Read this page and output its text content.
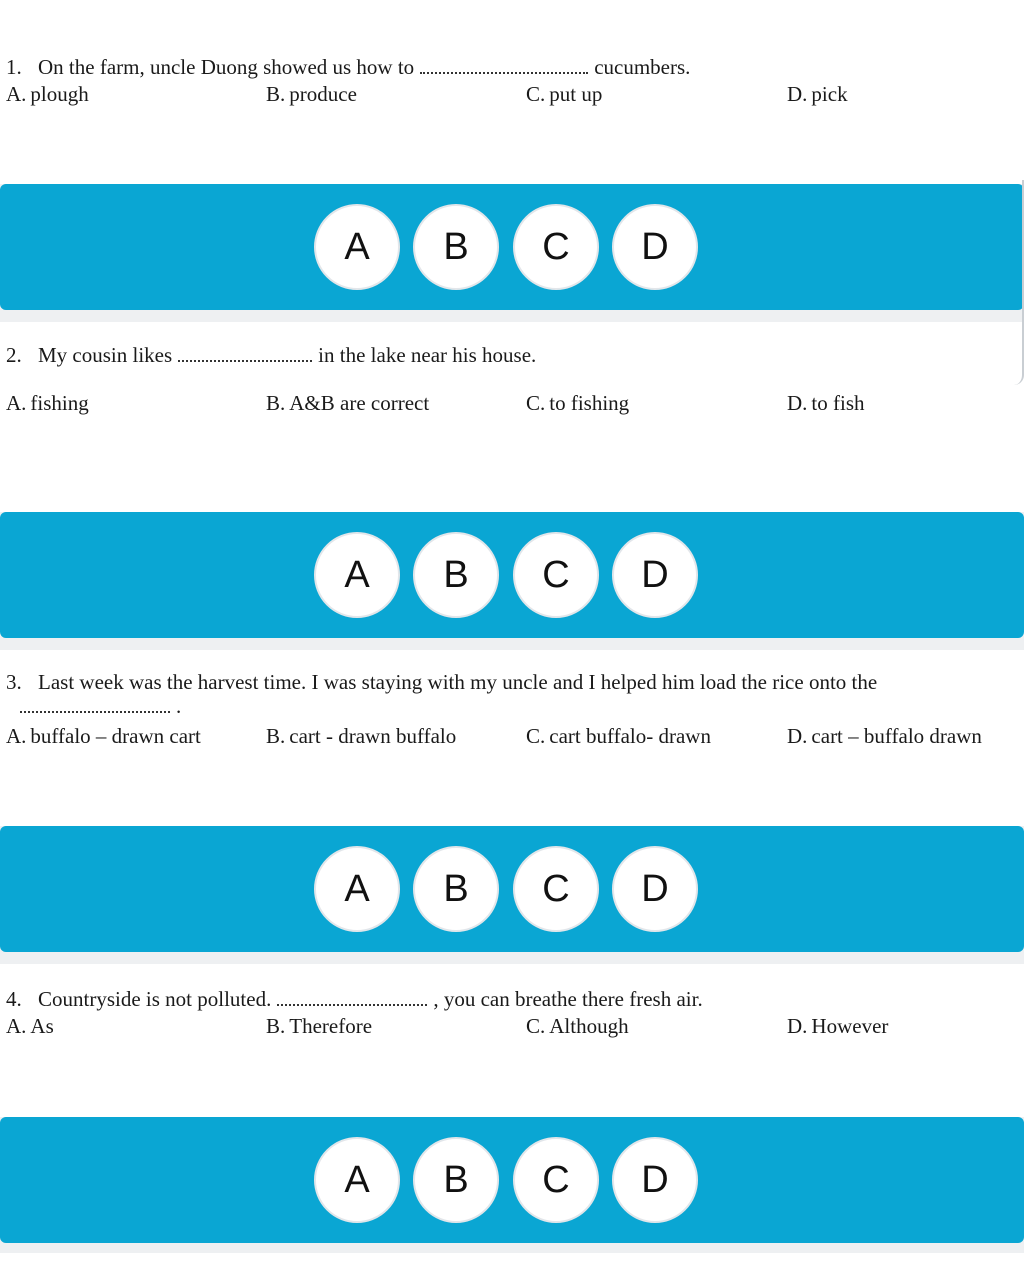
1. On the farm, uncle Duong showed us how to	cucumbers.
A. plough	B. produce	C. put up	D. pick
A	B	C	D
2. My cousin likes	in the lake near his house.
A. fishing	B. A&B are correct	C. to fishing	D. to fish
A	B	C	D
3. Last week was the harvest time. I was staying with my uncle and I helped him load the rice onto the
.
A. buffalo – drawn cart	B. cart - drawn buffalo	C. cart buffalo- drawn	D. cart – buffalo drawn
A	B	C	D
4. Countryside is not polluted.	, you can breathe there fresh air.
A. As	B. Therefore	C. Although	D. However
A	B	C	D
